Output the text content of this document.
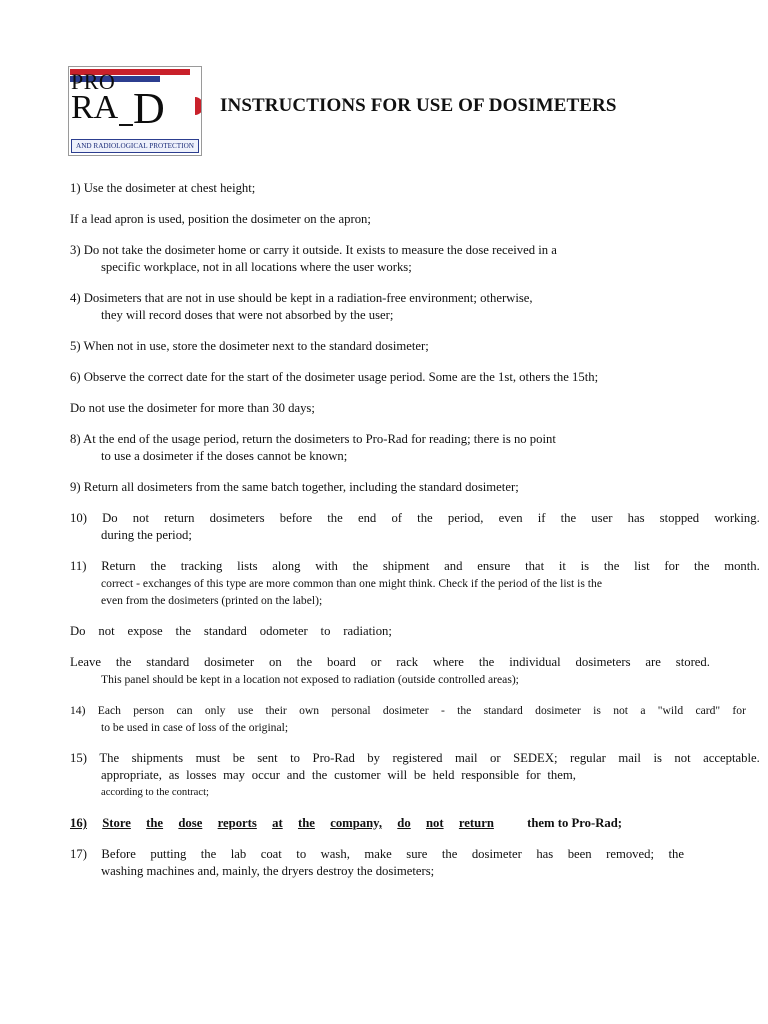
PRO
RA D
AND RADIOLOGICAL PROTECTION
INSTRUCTIONS FOR USE OF DOSIMETERS
1) Use the dosimeter at chest height;
If a lead apron is used, position the dosimeter on the apron;
3) Do not take the dosimeter home or carry it outside. It exists to measure the dose received in a
specific workplace, not in all locations where the user works;
4) Dosimeters that are not in use should be kept in a radiation-free environment; otherwise,
they will record doses that were not absorbed by the user;
5) When not in use, store the dosimeter next to the standard dosimeter;
6) Observe the correct date for the start of the dosimeter usage period. Some are the 1st, others the 15th;
Do not use the dosimeter for more than 30 days;
8) At the end of the usage period, return the dosimeters to Pro-Rad for reading; there is no point
to use a dosimeter if the doses cannot be known;
9) Return all dosimeters from the same batch together, including the standard dosimeter;
10) Do not return dosimeters before the end of the period, even if the user has stopped working.
during the period;
11) Return the tracking lists along with the shipment and ensure that it is the list for the month.
correct - exchanges of this type are more common than one might think. Check if the period of the list is the
even from the dosimeters (printed on the label);
Do not expose the standard odometer to radiation;
Leave the standard dosimeter on the board or rack where the individual dosimeters are stored.
This panel should be kept in a location not exposed to radiation (outside controlled areas);
14) Each person can only use their own personal dosimeter - the standard dosimeter is not a "wild card" for
to be used in case of loss of the original;
15) The shipments must be sent to Pro-Rad by registered mail or SEDEX; regular mail is not acceptable.
appropriate, as losses may occur and the customer will be held responsible for them,
according to the contract;
16) Store the dose reports at the company, do not return	them to Pro-Rad;
17) Before putting the lab coat to wash, make sure the dosimeter has been removed; the
washing machines and, mainly, the dryers destroy the dosimeters;
